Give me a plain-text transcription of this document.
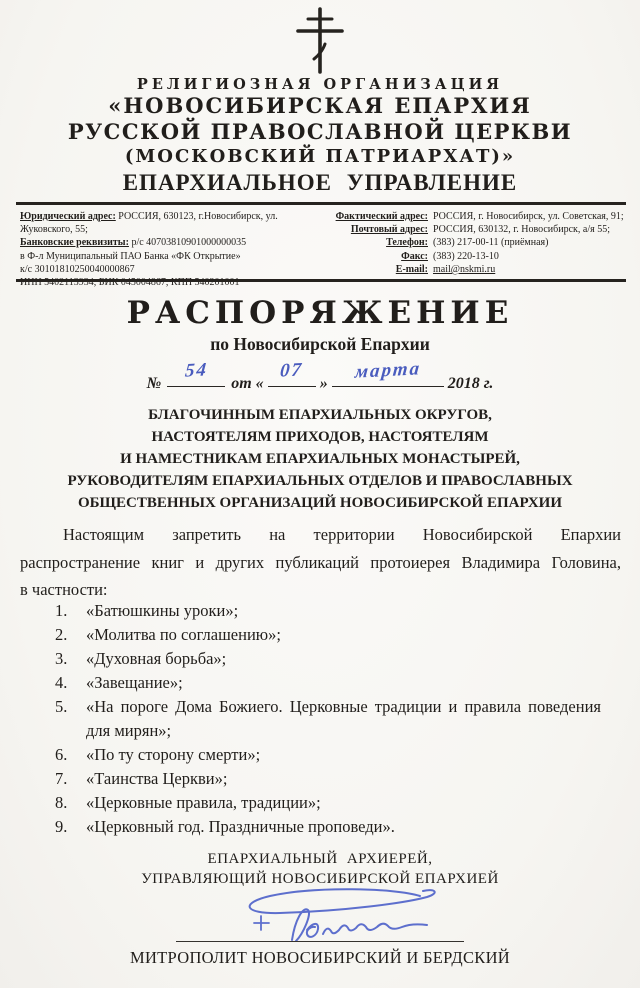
РЕЛИГИОЗНАЯ ОРГАНИЗАЦИЯ
«НОВОСИБИРСКАЯ ЕПАРХИЯ
РУССКОЙ ПРАВОСЛАВНОЙ ЦЕРКВИ
(МОСКОВСКИЙ ПАТРИАРХАТ)»
ЕПАРХИАЛЬНОЕ УПРАВЛЕНИЕ
Юридический адрес: РОССИЯ, 630123, г.Новосибирск, ул. Жуковского, 55;
Банковские реквизиты: р/с 40703810901000000035
в Ф-л Муниципальный ПАО Банка «ФК Открытие»
к/с 30101810250040000867
ИНН 5402113934, БИК 045004867, КПП 540201001
Фактический адрес: РОССИЯ, г. Новосибирск, ул. Советская, 91;
Почтовый адрес: РОССИЯ, 630132, г. Новосибирск, а/я 55;
Телефон: (383) 217-00-11 (приёмная)
Факс: (383) 220-13-10
E-mail: mail@nskmi.ru
РАСПОРЯЖЕНИЕ
по Новосибирской Епархии
№
54
от «
07
»
марта
2018 г.
БЛАГОЧИННЫМ ЕПАРХИАЛЬНЫХ ОКРУГОВ,
НАСТОЯТЕЛЯМ ПРИХОДОВ, НАСТОЯТЕЛЯМ
И НАМЕСТНИКАМ ЕПАРХИАЛЬНЫХ МОНАСТЫРЕЙ,
РУКОВОДИТЕЛЯМ ЕПАРХИАЛЬНЫХ ОТДЕЛОВ И ПРАВОСЛАВНЫХ
ОБЩЕСТВЕННЫХ ОРГАНИЗАЦИЙ НОВОСИБИРСКОЙ ЕПАРХИИ
Настоящим запретить на территории Новосибирской Епархии
распространение книг и других публикаций протоиерея Владимира Головина,
в частности:
1.	«Батюшкины уроки»;
2.	«Молитва по соглашению»;
3.	«Духовная борьба»;
4.	«Завещание»;
5.	«На пороге Дома Божиего. Церковные традиции и правила поведения для мирян»;
6.	«По ту сторону смерти»;
7.	«Таинства Церкви»;
8.	«Церковные правила, традиции»;
9.	«Церковный год. Праздничные проповеди».
ЕПАРХИАЛЬНЫЙ АРХИЕРЕЙ,
УПРАВЛЯЮЩИЙ НОВОСИБИРСКОЙ ЕПАРХИЕЙ
МИТРОПОЛИТ НОВОСИБИРСКИЙ И БЕРДСКИЙ
